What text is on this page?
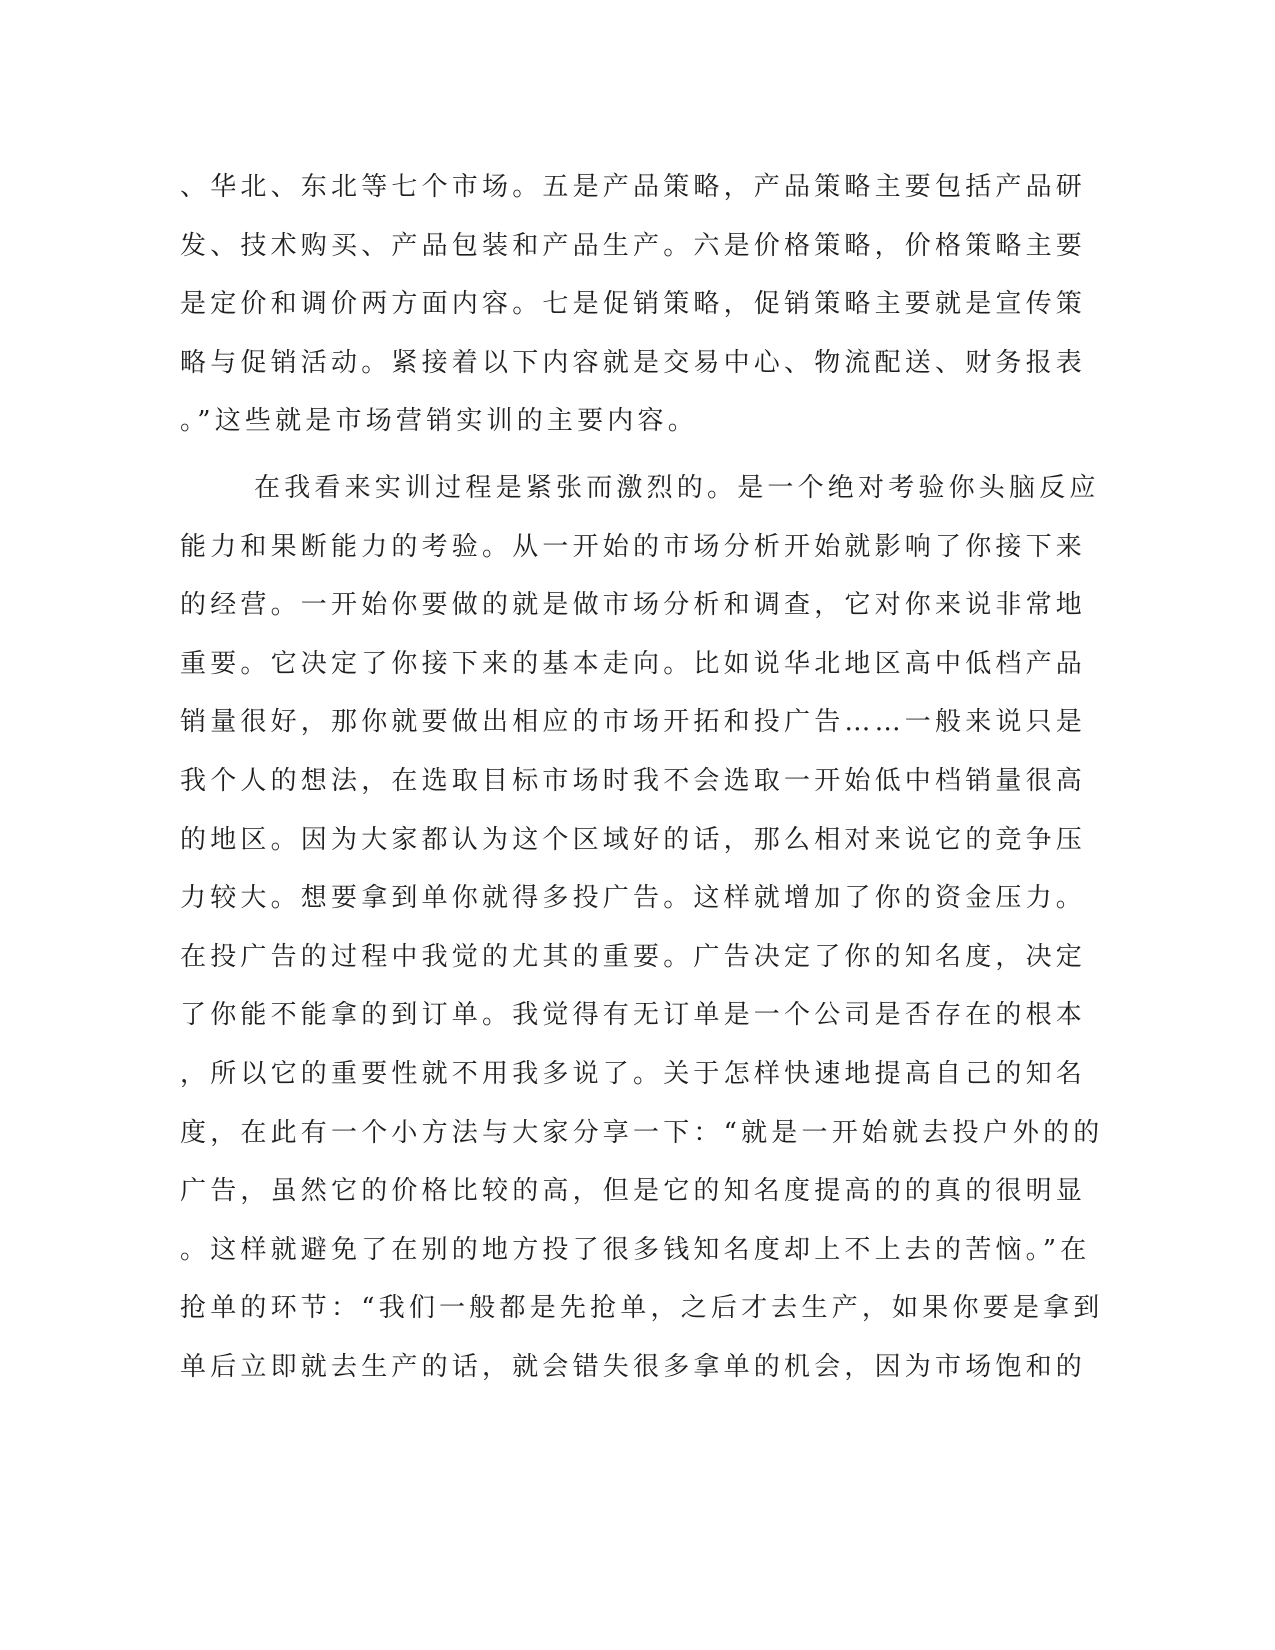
、华北、东北等七个市场。五是产品策略，产品策略主要包括产品研
发、技术购买、产品包装和产品生产。六是价格策略，价格策略主要
是定价和调价两方面内容。七是促销策略，促销策略主要就是宣传策
略与促销活动。紧接着以下内容就是交易中心、物流配送、财务报表
。”这些就是市场营销实训的主要内容。
在我看来实训过程是紧张而激烈的。是一个绝对考验你头脑反应
能力和果断能力的考验。从一开始的市场分析开始就影响了你接下来
的经营。一开始你要做的就是做市场分析和调查，它对你来说非常地
重要。它决定了你接下来的基本走向。比如说华北地区高中低档产品
销量很好，那你就要做出相应的市场开拓和投广告……一般来说只是
我个人的想法，在选取目标市场时我不会选取一开始低中档销量很高
的地区。因为大家都认为这个区域好的话，那么相对来说它的竞争压
力较大。想要拿到单你就得多投广告。这样就增加了你的资金压力。
在投广告的过程中我觉的尤其的重要。广告决定了你的知名度，决定
了你能不能拿的到订单。我觉得有无订单是一个公司是否存在的根本
，所以它的重要性就不用我多说了。关于怎样快速地提高自己的知名
度，在此有一个小方法与大家分享一下：“就是一开始就去投户外的的
广告，虽然它的价格比较的高，但是它的知名度提高的的真的很明显
。这样就避免了在别的地方投了很多钱知名度却上不上去的苦恼。”在
抢单的环节：“我们一般都是先抢单，之后才去生产，如果你要是拿到
单后立即就去生产的话，就会错失很多拿单的机会，因为市场饱和的
